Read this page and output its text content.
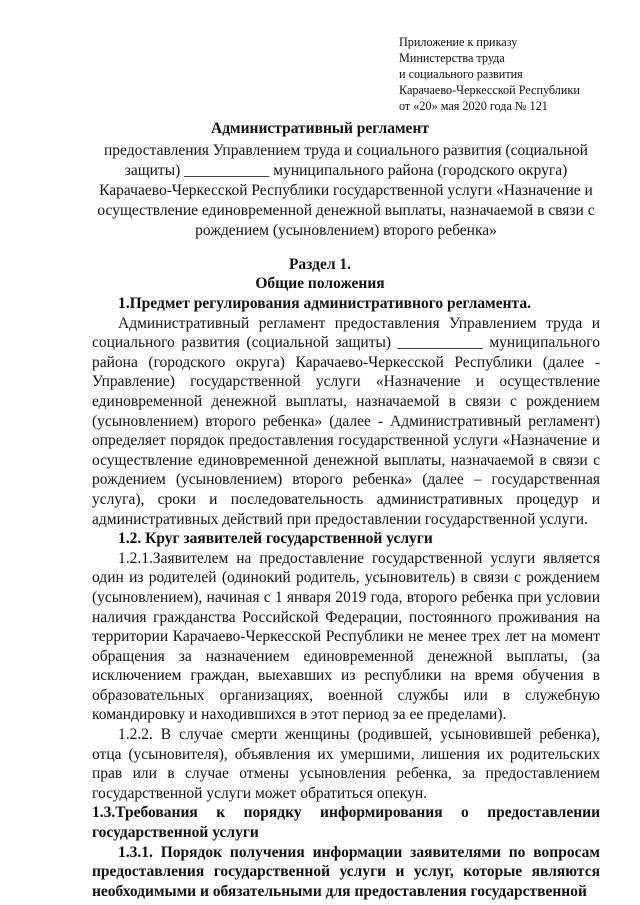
Приложение к приказу
Министерства труда
и социального развития
Карачаево-Черкесской Республики
от «20» мая 2020 года № 121
Административный регламент
предоставления Управлением труда и социального развития (социальной защиты) ___________ муниципального района (городского округа) Карачаево-Черкесской Республики государственной услуги «Назначение и осуществление единовременной денежной выплаты, назначаемой в связи с рождением (усыновлением) второго ребенка»
Раздел 1.
Общие положения

1.Предмет регулирования административного регламента.

Административный регламент предоставления Управлением труда и социального развития (социальной защиты) ___________ муниципального района (городского округа) Карачаево-Черкесской Республики (далее - Управление) государственной услуги «Назначение и осуществление единовременной денежной выплаты, назначаемой в связи с рождением (усыновлением) второго ребенка» (далее - Административный регламент) определяет порядок предоставления государственной услуги «Назначение и осуществление единовременной денежной выплаты, назначаемой в связи с рождением (усыновлением) второго ребенка» (далее – государственная услуга), сроки и последовательность административных процедур и административных действий при предоставлении государственной услуги.

1.2. Круг заявителей государственной услуги

1.2.1.Заявителем на предоставление государственной услуги является один из родителей (одинокий родитель, усыновитель) в связи с рождением (усыновлением), начиная с 1 января 2019 года, второго ребенка при условии наличия гражданства Российской Федерации, постоянного проживания на территории Карачаево-Черкесской Республики не менее трех лет на момент обращения за назначением единовременной денежной выплаты, (за исключением граждан, выехавших из республики на время обучения в образовательных организациях, военной службы или в служебную командировку и находившихся в этот период за ее пределами).

1.2.2. В случае смерти женщины (родившей, усыновившей ребенка), отца (усыновителя), объявления их умершими, лишения их родительских прав или в случае отмены усыновления ребенка, за предоставлением государственной услуги может обратиться опекун.

1.3.Требования к порядку информирования о предоставлении государственной услуги

1.3.1. Порядок получения информации заявителями по вопросам предоставления государственной услуги и услуг, которые являются необходимыми и обязательными для предоставления государственной
